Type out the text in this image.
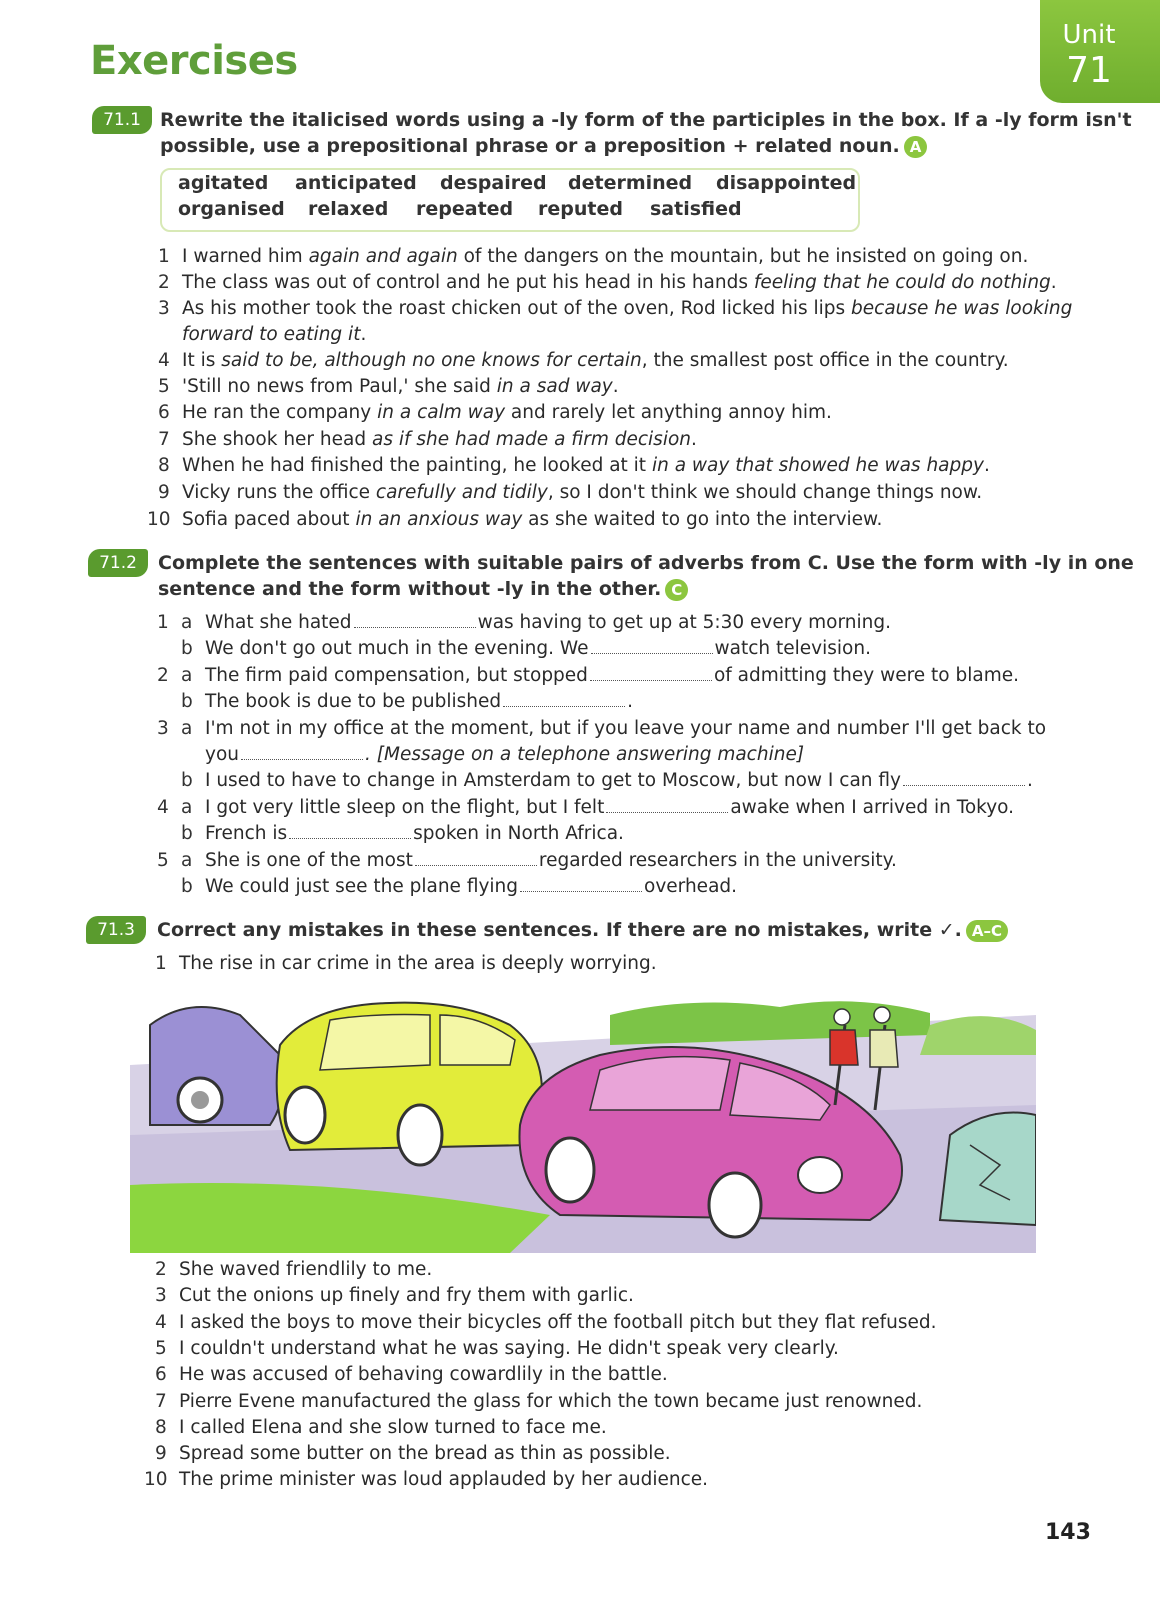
Exercises
Unit
71
71.1	Rewrite the italicised words using a -ly form of the participles in the box. If a -ly form isn't
possible, use a prepositional phrase or a preposition + related noun. A
agitated anticipated despaired determined disappointed
organised relaxed repeated reputed satisfied
1 I warned him again and again of the dangers on the mountain, but he insisted on going on.
2 The class was out of control and he put his head in his hands feeling that he could do nothing.
3 As his mother took the roast chicken out of the oven, Rod licked his lips because he was looking
forward to eating it.
4 It is said to be, although no one knows for certain, the smallest post office in the country.
5 'Still no news from Paul,' she said in a sad way.
6 He ran the company in a calm way and rarely let anything annoy him.
7 She shook her head as if she had made a firm decision.
8 When he had finished the painting, he looked at it in a way that showed he was happy.
9 Vicky runs the office carefully and tidily, so I don't think we should change things now.
10 Sofia paced about in an anxious way as she waited to go into the interview.
71.2	Complete the sentences with suitable pairs of adverbs from C. Use the form with -ly in one
sentence and the form without -ly in the other. C
1 a What she hated	was having to get up at 5:30 every morning.
b We don't go out much in the evening. We	watch television.
2 a The firm paid compensation, but stopped	of admitting they were to blame.
b The book is due to be published	.
3 a I'm not in my office at the moment, but if you leave your name and number I'll get back to
you	. [Message on a telephone answering machine]
b I used to have to change in Amsterdam to get to Moscow, but now I can fly	.
4 a I got very little sleep on the flight, but I felt	awake when I arrived in Tokyo.
b French is	spoken in North Africa.
5 a She is one of the most	regarded researchers in the university.
b We could just see the plane flying	overhead.
71.3	Correct any mistakes in these sentences. If there are no mistakes, write ✓. A–C
1 The rise in car crime in the area is deeply worrying.
2 She waved friendlily to me.
3 Cut the onions up finely and fry them with garlic.
4 I asked the boys to move their bicycles off the football pitch but they flat refused.
5 I couldn't understand what he was saying. He didn't speak very clearly.
6 He was accused of behaving cowardlily in the battle.
7 Pierre Evene manufactured the glass for which the town became just renowned.
8 I called Elena and she slow turned to face me.
9 Spread some butter on the bread as thin as possible.
10 The prime minister was loud applauded by her audience.
143
